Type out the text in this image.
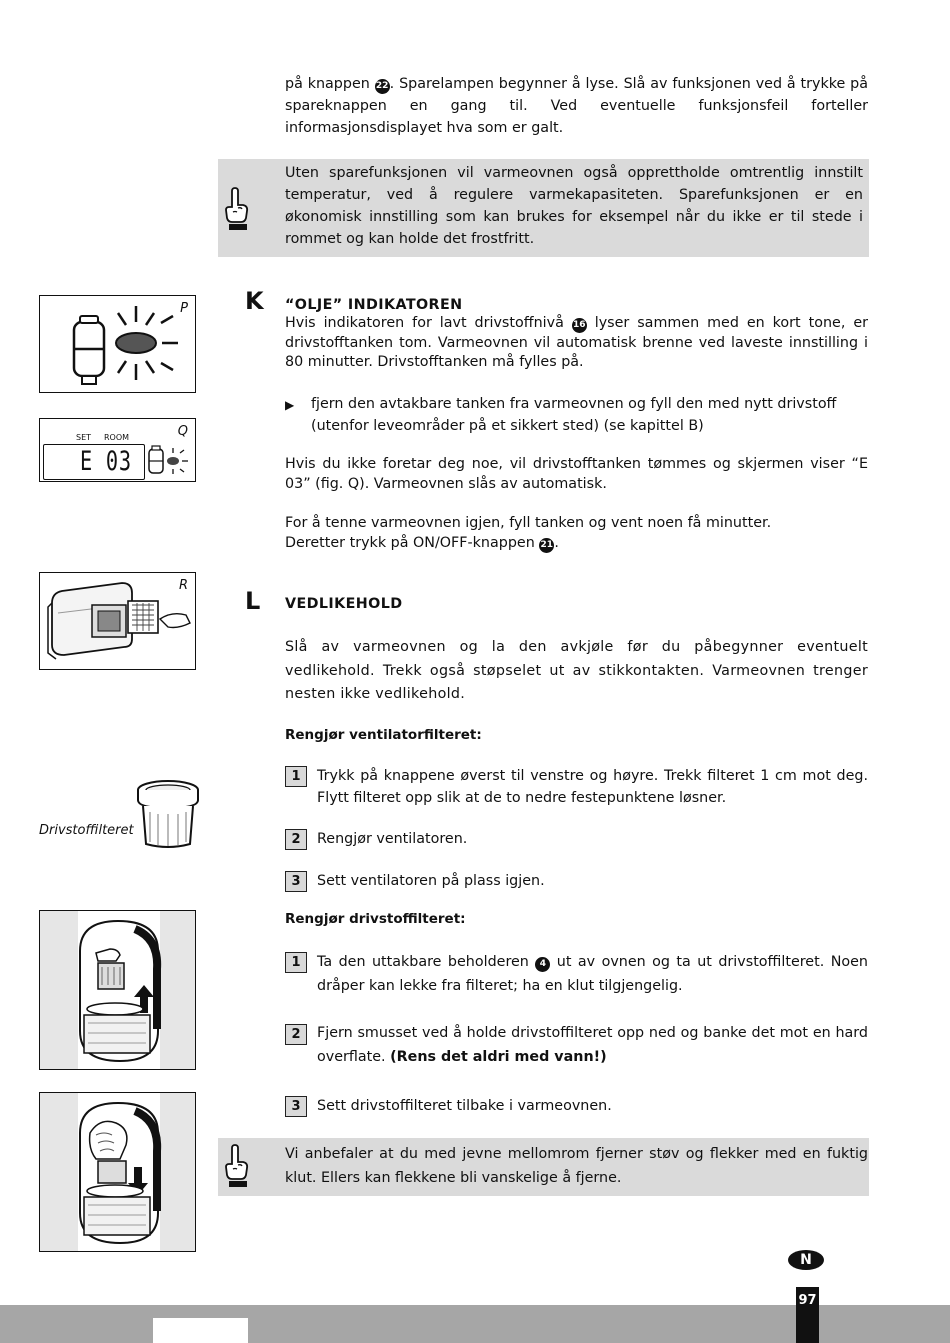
på knappen 22. Sparelampen begynner å lyse. Slå av funksjonen ved å trykke på spareknappen en gang til. Ved eventuelle funksjonsfeil forteller informasjonsdisplayet hva som er galt.
Uten sparefunksjonen vil varmeovnen også opprettholde omtrentlig innstilt temperatur, ved å regulere varmekapasiteten. Sparefunksjonen er en økonomisk innstilling som kan brukes for eksempel når du ikke er til stede i rommet og kan holde det frostfritt.
P
Q
SET ROOM
E 03
K “OLJE” INDIKATOREN
Hvis indikatoren for lavt drivstoffnivå 16 lyser sammen med en kort tone, er drivstofftanken tom. Varmeovnen vil automatisk brenne ved laveste innstilling i 80 minutter. Drivstofftanken må fylles på.
▶ fjern den avtakbare tanken fra varmeovnen og fyll den med nytt drivstoff (utenfor leveområder på et sikkert sted) (se kapittel B)
Hvis du ikke foretar deg noe, vil drivstofftanken tømmes og skjermen viser “E 03” (fig. Q). Varmeovnen slås av automatisk.
For å tenne varmeovnen igjen, fyll tanken og vent noen få minutter.
Deretter trykk på ON/OFF-knappen 21.
R
L VEDLIKEHOLD
Slå av varmeovnen og la den avkjøle før du påbegynner eventuelt vedlikehold. Trekk også støpselet ut av stikkontakten. Varmeovnen trenger nesten ikke vedlikehold.
Rengjør ventilatorfilteret:
Drivstoffilteret
1	Trykk på knappene øverst til venstre og høyre. Trekk filteret 1 cm mot deg. Flytt filteret opp slik at de to nedre festepunktene løsner.
2	Rengjør ventilatoren.
3	Sett ventilatoren på plass igjen.
Rengjør drivstoffilteret:
1	Ta den uttakbare beholderen 4 ut av ovnen og ta ut drivstoffilteret. Noen dråper kan lekke fra filteret; ha en klut tilgjengelig.
2	Fjern smusset ved å holde drivstoffilteret opp ned og banke det mot en hard overflate. (Rens det aldri med vann!)
3	Sett drivstoffilteret tilbake i varmeovnen.
Vi anbefaler at du med jevne mellomrom fjerner støv og flekker med en fuktig klut. Ellers kan flekkene bli vanskelige å fjerne.
N
97
